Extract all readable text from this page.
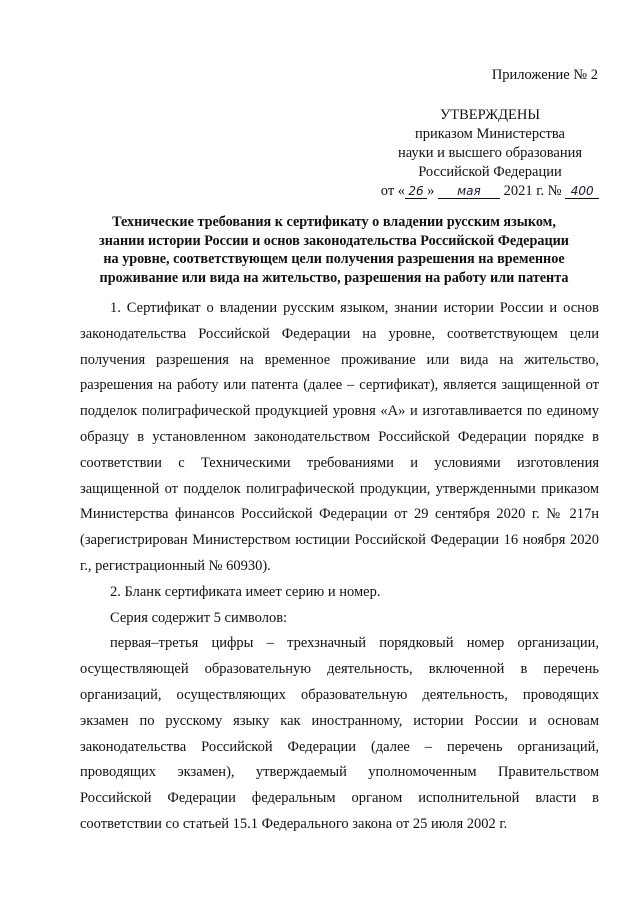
Приложение № 2
УТВЕРЖДЕНЫ
приказом Министерства
науки и высшего образования
Российской Федерации
от « 26 » мая 2021 г. № 400
Технические требования к сертификату о владении русским языком,
знании истории России и основ законодательства Российской Федерации
на уровне, соответствующем цели получения разрешения на временное
проживание или вида на жительство, разрешения на работу или патента

1. Сертификат о владении русским языком, знании истории России и основ законодательства Российской Федерации на уровне, соответствующем цели получения разрешения на временное проживание или вида на жительство, разрешения на работу или патента (далее – сертификат), является защищенной от подделок полиграфической продукцией уровня «А» и изготавливается по единому образцу в установленном законодательством Российской Федерации порядке в соответствии с Техническими требованиями и условиями изготовления защищенной от подделок полиграфической продукции, утвержденными приказом Министерства финансов Российской Федерации от 29 сентября 2020 г. № 217н (зарегистрирован Министерством юстиции Российской Федерации 16 ноября 2020 г., регистрационный № 60930).

2. Бланк сертификата имеет серию и номер.

Серия содержит 5 символов:

первая–третья цифры – трехзначный порядковый номер организации, осуществляющей образовательную деятельность, включенной в перечень организаций, осуществляющих образовательную деятельность, проводящих экзамен по русскому языку как иностранному, истории России и основам законодательства Российской Федерации (далее – перечень организаций, проводящих экзамен), утверждаемый уполномоченным Правительством Российской Федерации федеральным органом исполнительной власти в соответствии со статьей 15.1 Федерального закона от 25 июля 2002 г.
